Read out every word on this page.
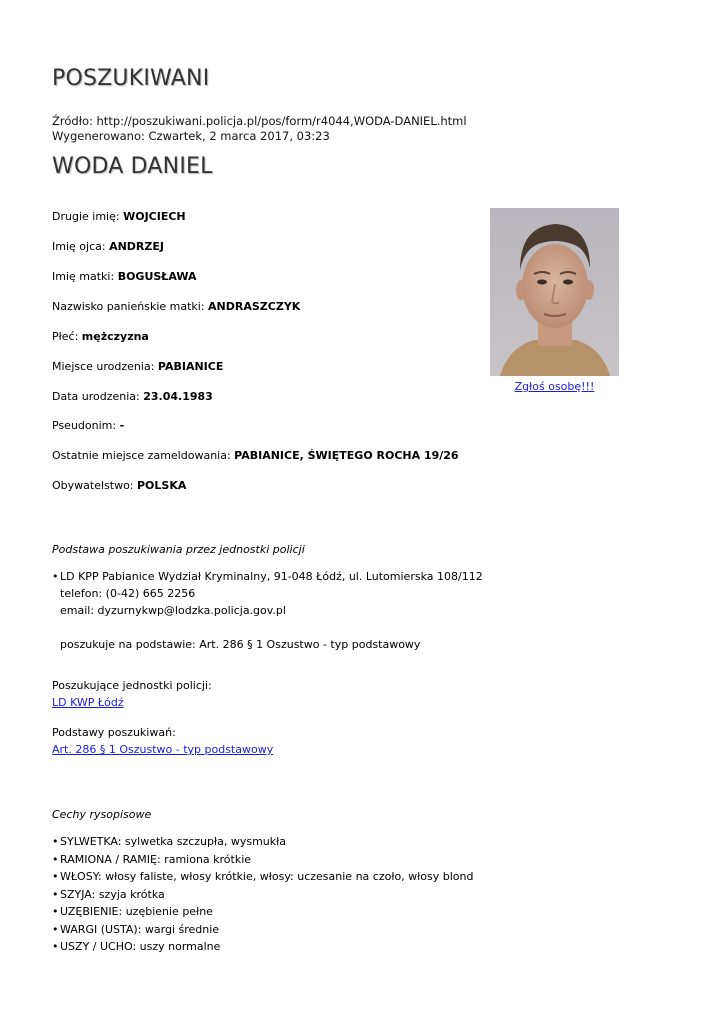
POSZUKIWANI
Źródło: http://poszukiwani.policja.pl/pos/form/r4044,WODA-DANIEL.html
Wygenerowano: Czwartek, 2 marca 2017, 03:23
WODA DANIEL
Drugie imię: WOJCIECH
Imię ojca: ANDRZEJ
Imię matki: BOGUSŁAWA
Nazwisko panieńskie matki: ANDRASZCZYK
Płeć: mężczyzna
Miejsce urodzenia: PABIANICE
Data urodzenia: 23.04.1983
Pseudonim: -
Ostatnie miejsce zameldowania: PABIANICE, ŚWIĘTEGO ROCHA 19/26
Obywatelstwo: POLSKA
Zgłoś osobę!!!
Podstawa poszukiwania przez jednostki policji
• LD KPP Pabianice Wydział Kryminalny, 91-048 Łódź, ul. Lutomierska 108/112
telefon: (0-42) 665 2256
email: dyzurnykwp@lodzka.policja.gov.pl
poszukuje na podstawie: Art. 286 § 1 Oszustwo - typ podstawowy
Poszukujące jednostki policji:
LD KWP Łódź
Podstawy poszukiwań:
Art. 286 § 1 Oszustwo - typ podstawowy
Cechy rysopisowe
• SYLWETKA: sylwetka szczupła, wysmukła
• RAMIONA / RAMIĘ: ramiona krótkie
• WŁOSY: włosy faliste, włosy krótkie, włosy: uczesanie na czoło, włosy blond
• SZYJA: szyja krótka
• UZĘBIENIE: uzębienie pełne
• WARGI (USTA): wargi średnie
• USZY / UCHO: uszy normalne
